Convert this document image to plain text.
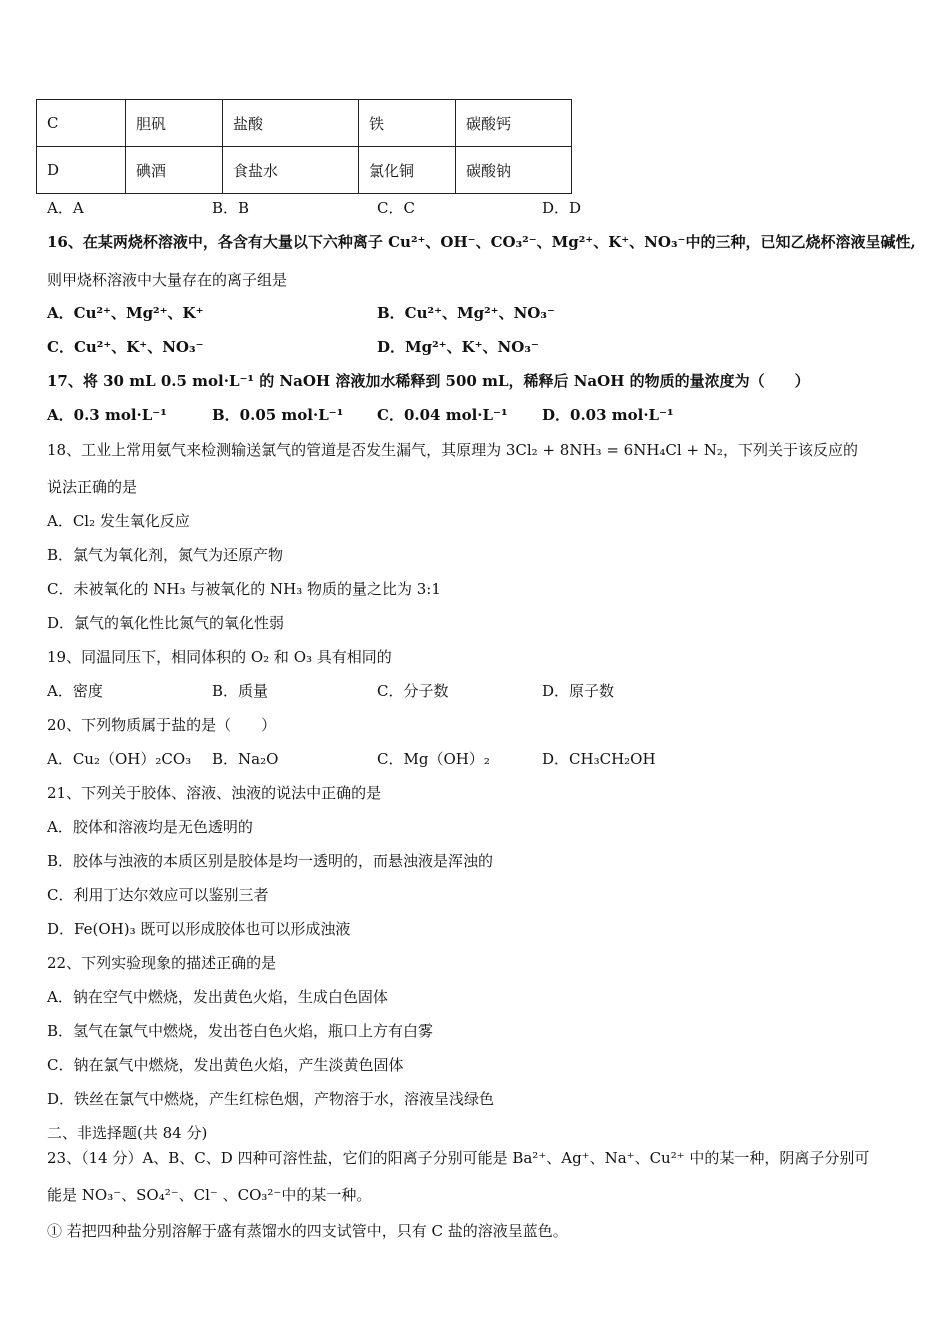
C	胆矾	盐酸	铁	碳酸钙
D	碘酒	食盐水	氯化铜	碳酸钠
A．A	B．B	C．C	D．D
16、在某两烧杯溶液中，各含有大量以下六种离子 Cu²⁺、OH⁻、CO₃²⁻、Mg²⁺、K⁺、NO₃⁻中的三种，已知乙烧杯溶液呈碱性,
则甲烧杯溶液中大量存在的离子组是
A．Cu²⁺、Mg²⁺、K⁺	B．Cu²⁺、Mg²⁺、NO₃⁻
C．Cu²⁺、K⁺、NO₃⁻	D．Mg²⁺、K⁺、NO₃⁻
17、将 30 mL 0.5 mol·L⁻¹ 的 NaOH 溶液加水稀释到 500 mL，稀释后 NaOH 的物质的量浓度为（　　）
A．0.3 mol·L⁻¹	B．0.05 mol·L⁻¹ C．0.04 mol·L⁻¹ D．0.03 mol·L⁻¹
18、工业上常用氨气来检测输送氯气的管道是否发生漏气，其原理为 3Cl₂ + 8NH₃ = 6NH₄Cl + N₂，下列关于该反应的
说法正确的是
A．Cl₂ 发生氧化反应
B．氯气为氧化剂，氮气为还原产物
C．未被氧化的 NH₃ 与被氧化的 NH₃ 物质的量之比为 3:1
D．氯气的氧化性比氮气的氧化性弱
19、同温同压下，相同体积的 O₂ 和 O₃ 具有相同的
A．密度	B．质量	C．分子数	D．原子数
20、下列物质属于盐的是（　　）
A．Cu₂（OH）₂CO₃ B．Na₂O	C．Mg（OH）₂	D．CH₃CH₂OH
21、下列关于胶体、溶液、浊液的说法中正确的是
A．胶体和溶液均是无色透明的
B．胶体与浊液的本质区别是胶体是均一透明的，而悬浊液是浑浊的
C．利用丁达尔效应可以鉴别三者
D．Fe(OH)₃ 既可以形成胶体也可以形成浊液
22、下列实验现象的描述正确的是
A．钠在空气中燃烧，发出黄色火焰，生成白色固体
B．氢气在氯气中燃烧，发出苍白色火焰，瓶口上方有白雾
C．钠在氯气中燃烧，发出黄色火焰，产生淡黄色固体
D．铁丝在氯气中燃烧，产生红棕色烟，产物溶于水，溶液呈浅绿色
二、非选择题(共 84 分)
23、（14 分）A、B、C、D 四种可溶性盐，它们的阳离子分别可能是 Ba²⁺、Ag⁺、Na⁺、Cu²⁺ 中的某一种，阴离子分别可
能是 NO₃⁻、SO₄²⁻、Cl⁻ 、CO₃²⁻中的某一种。
① 若把四种盐分别溶解于盛有蒸馏水的四支试管中，只有 C 盐的溶液呈蓝色。
